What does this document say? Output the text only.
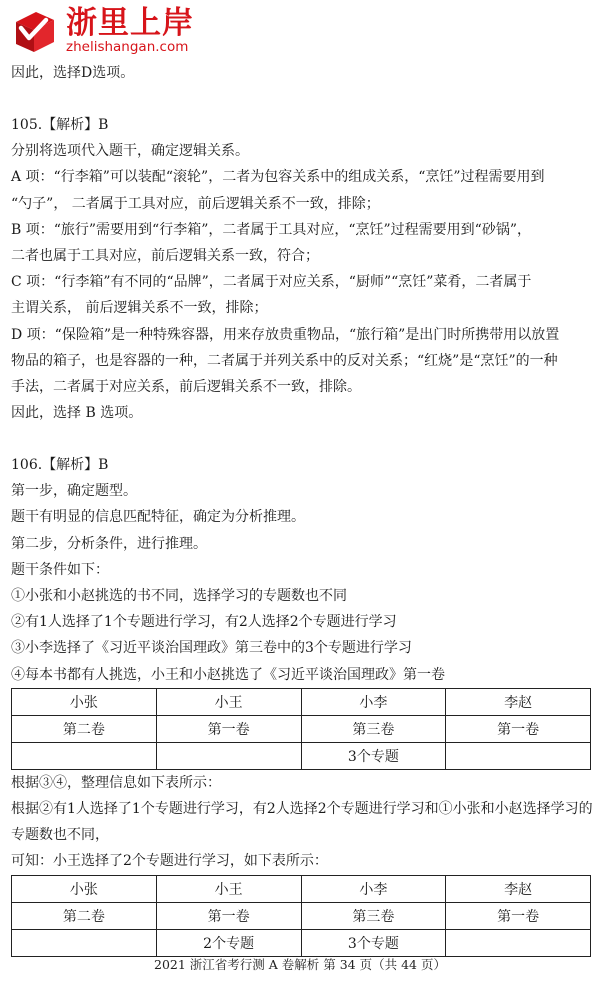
浙里上岸
zhelishangan.com
因此，选择D选项。
105.【解析】B
分别将选项代入题干，确定逻辑关系。
A 项：“行李箱”可以装配“滚轮”，二者为包容关系中的组成关系，“烹饪”过程需要用到
“勺子”， 二者属于工具对应，前后逻辑关系不一致，排除；
B 项：“旅行”需要用到“行李箱”，二者属于工具对应，“烹饪”过程需要用到“砂锅”，
二者也属于工具对应，前后逻辑关系一致，符合；
C 项：“行李箱”有不同的“品牌”，二者属于对应关系，“厨师”“烹饪”菜肴，二者属于
主谓关系， 前后逻辑关系不一致，排除；
D 项：“保险箱”是一种特殊容器，用来存放贵重物品，“旅行箱”是出门时所携带用以放置
物品的箱子，也是容器的一种，二者属于并列关系中的反对关系；“红烧”是“烹饪”的一种
手法，二者属于对应关系，前后逻辑关系不一致，排除。
因此，选择 B 选项。
106.【解析】B
第一步，确定题型。
题干有明显的信息匹配特征，确定为分析推理。
第二步，分析条件，进行推理。
题干条件如下：
①小张和小赵挑选的书不同，选择学习的专题数也不同
②有1人选择了1个专题进行学习，有2人选择2个专题进行学习
③小李选择了《习近平谈治国理政》第三卷中的3个专题进行学习
④每本书都有人挑选，小王和小赵挑选了《习近平谈治国理政》第一卷
小张	小王	小李	李赵
第二卷	第一卷	第三卷	第一卷
		3个专题	
根据③④，整理信息如下表所示：
根据②有1人选择了1个专题进行学习，有2人选择2个专题进行学习和①小张和小赵选择学习的
专题数也不同，
可知：小王选择了2个专题进行学习，如下表所示：
小张	小王	小李	李赵
第二卷	第一卷	第三卷	第一卷
	2个专题	3个专题	
2021 浙江省考行测 A 卷解析 第 34 页（共 44 页）
